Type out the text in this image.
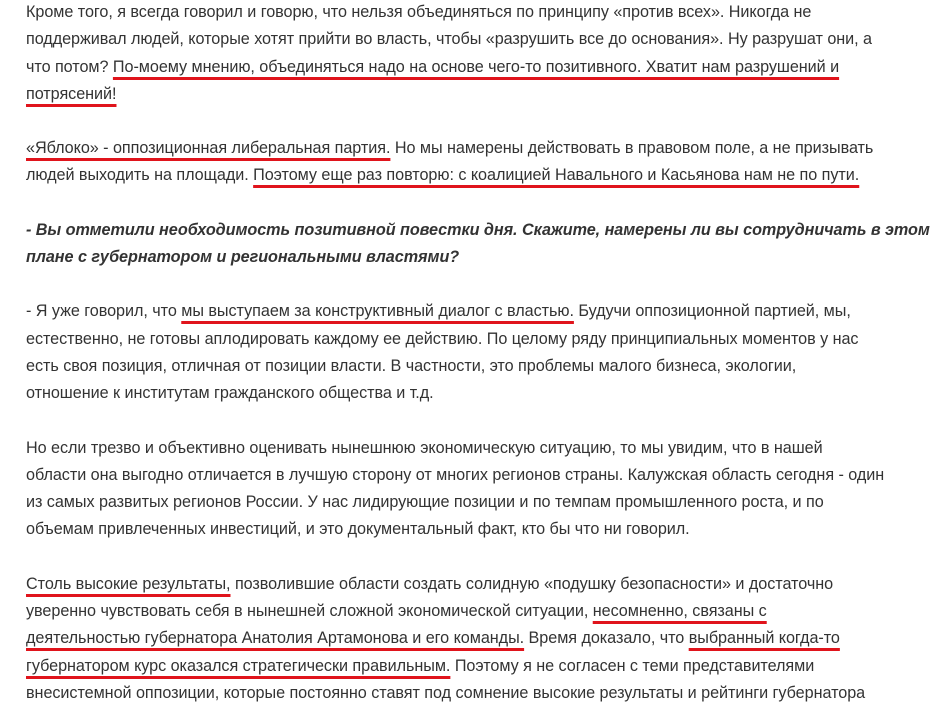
Кроме того, я всегда говорил и говорю, что нельзя объединяться по принципу «против всех». Никогда не
поддерживал людей, которые хотят прийти во власть, чтобы «разрушить все до основания». Ну разрушат они, а
что потом? По-моему мнению, объединяться надо на основе чего-то позитивного. Хватит нам разрушений и
потрясений!
«Яблоко» - оппозиционная либеральная партия. Но мы намерены действовать в правовом поле, а не призывать
людей выходить на площади. Поэтому еще раз повторю: с коалицией Навального и Касьянова нам не по пути.
- Вы отметили необходимость позитивной повестки дня. Скажите, намерены ли вы сотрудничать в этом
плане с губернатором и региональными властями?
- Я уже говорил, что мы выступаем за конструктивный диалог с властью. Будучи оппозиционной партией, мы,
естественно, не готовы аплодировать каждому ее действию. По целому ряду принципиальных моментов у нас
есть своя позиция, отличная от позиции власти. В частности, это проблемы малого бизнеса, экологии,
отношение к институтам гражданского общества и т.д.
Но если трезво и объективно оценивать нынешнюю экономическую ситуацию, то мы увидим, что в нашей
области она выгодно отличается в лучшую сторону от многих регионов страны. Калужская область сегодня - один
из самых развитых регионов России. У нас лидирующие позиции и по темпам промышленного роста, и по
объемам привлеченных инвестиций, и это документальный факт, кто бы что ни говорил.
Столь высокие результаты, позволившие области создать солидную «подушку безопасности» и достаточно
уверенно чувствовать себя в нынешней сложной экономической ситуации, несомненно, связаны с
деятельностью губернатора Анатолия Артамонова и его команды. Время доказало, что выбранный когда-то
губернатором курс оказался стратегически правильным. Поэтому я не согласен с теми представителями
внесистемной оппозиции, которые постоянно ставят под сомнение высокие результаты и рейтинги губернатора
